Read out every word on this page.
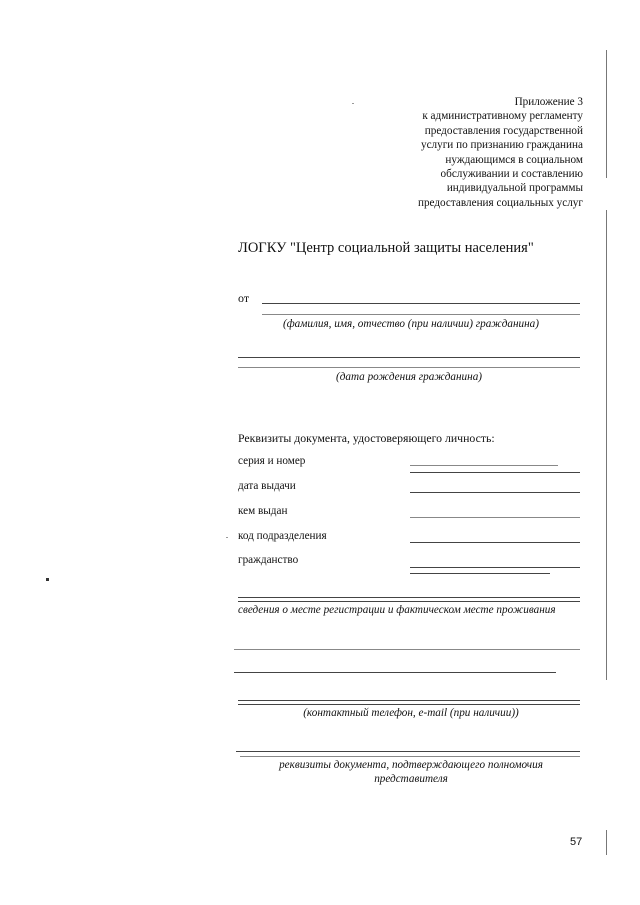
Приложение 3
к административному регламенту
предоставления государственной
услуги по признанию гражданина
нуждающимся в социальном
обслуживании и составлению
индивидуальной программы
предоставления социальных услуг
ЛОГКУ "Центр социальной защиты населения"
от
(фамилия, имя, отчество (при наличии) гражданина)
(дата рождения гражданина)
Реквизиты документа, удостоверяющего личность:
серия и номер
дата выдачи
кем выдан
код подразделения
гражданство
сведения о месте регистрации и фактическом месте проживания
(контактный телефон, e-mail (при наличии))
реквизиты документа, подтверждающего полномочия
представителя
57
